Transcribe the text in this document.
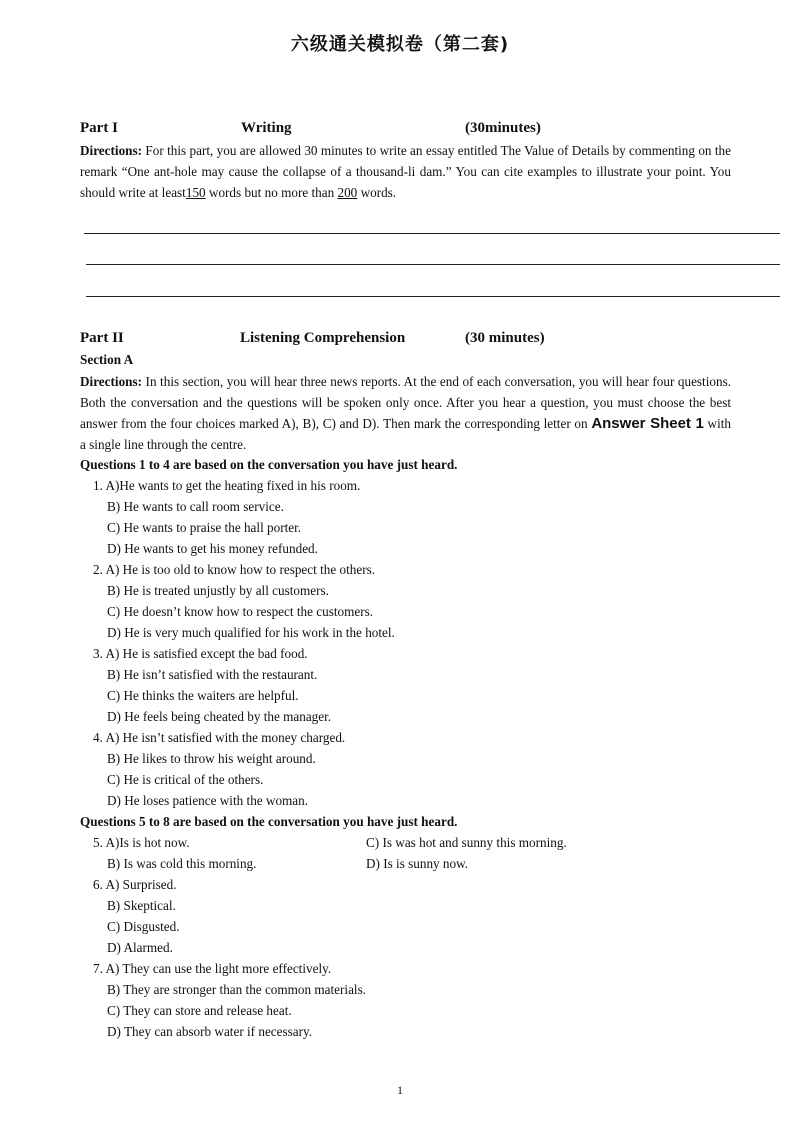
六级通关模拟卷（第二套)
Part I	Writing	(30minutes)
Directions: For this part, you are allowed 30 minutes to write an essay entitled The Value of Details by commenting on the remark “One ant-hole may cause the collapse of a thousand-li dam.” You can cite examples to illustrate your point. You should write at least150 words but no more than 200 words.
Part II	Listening Comprehension	(30 minutes)
Section A
Directions: In this section, you will hear three news reports. At the end of each conversation, you will hear four questions. Both the conversation and the questions will be spoken only once. After you hear a question, you must choose the best answer from the four choices marked A), B), C) and D). Then mark the corresponding letter on Answer Sheet 1 with a single line through the centre.
Questions 1 to 4 are based on the conversation you have just heard.
1. A)He wants to get the heating fixed in his room.
B) He wants to call room service.
C) He wants to praise the hall porter.
D) He wants to get his money refunded.
2. A) He is too old to know how to respect the others.
B) He is treated unjustly by all customers.
C) He doesn’t know how to respect the customers.
D) He is very much qualified for his work in the hotel.
3. A) He is satisfied except the bad food.
B) He isn’t satisfied with the restaurant.
C) He thinks the waiters are helpful.
D) He feels being cheated by the manager.
4. A) He isn’t satisfied with the money charged.
B) He likes to throw his weight around.
C) He is critical of the others.
D) He loses patience with the woman.
Questions 5 to 8 are based on the conversation you have just heard.
5. A)Is is hot now.	C) Is was hot and sunny this morning.
B) Is was cold this morning.	D) Is is sunny now.
6. A) Surprised.
B) Skeptical.
C) Disgusted.
D) Alarmed.
7. A) They can use the light more effectively.
B) They are stronger than the common materials.
C) They can store and release heat.
D) They can absorb water if necessary.
1
